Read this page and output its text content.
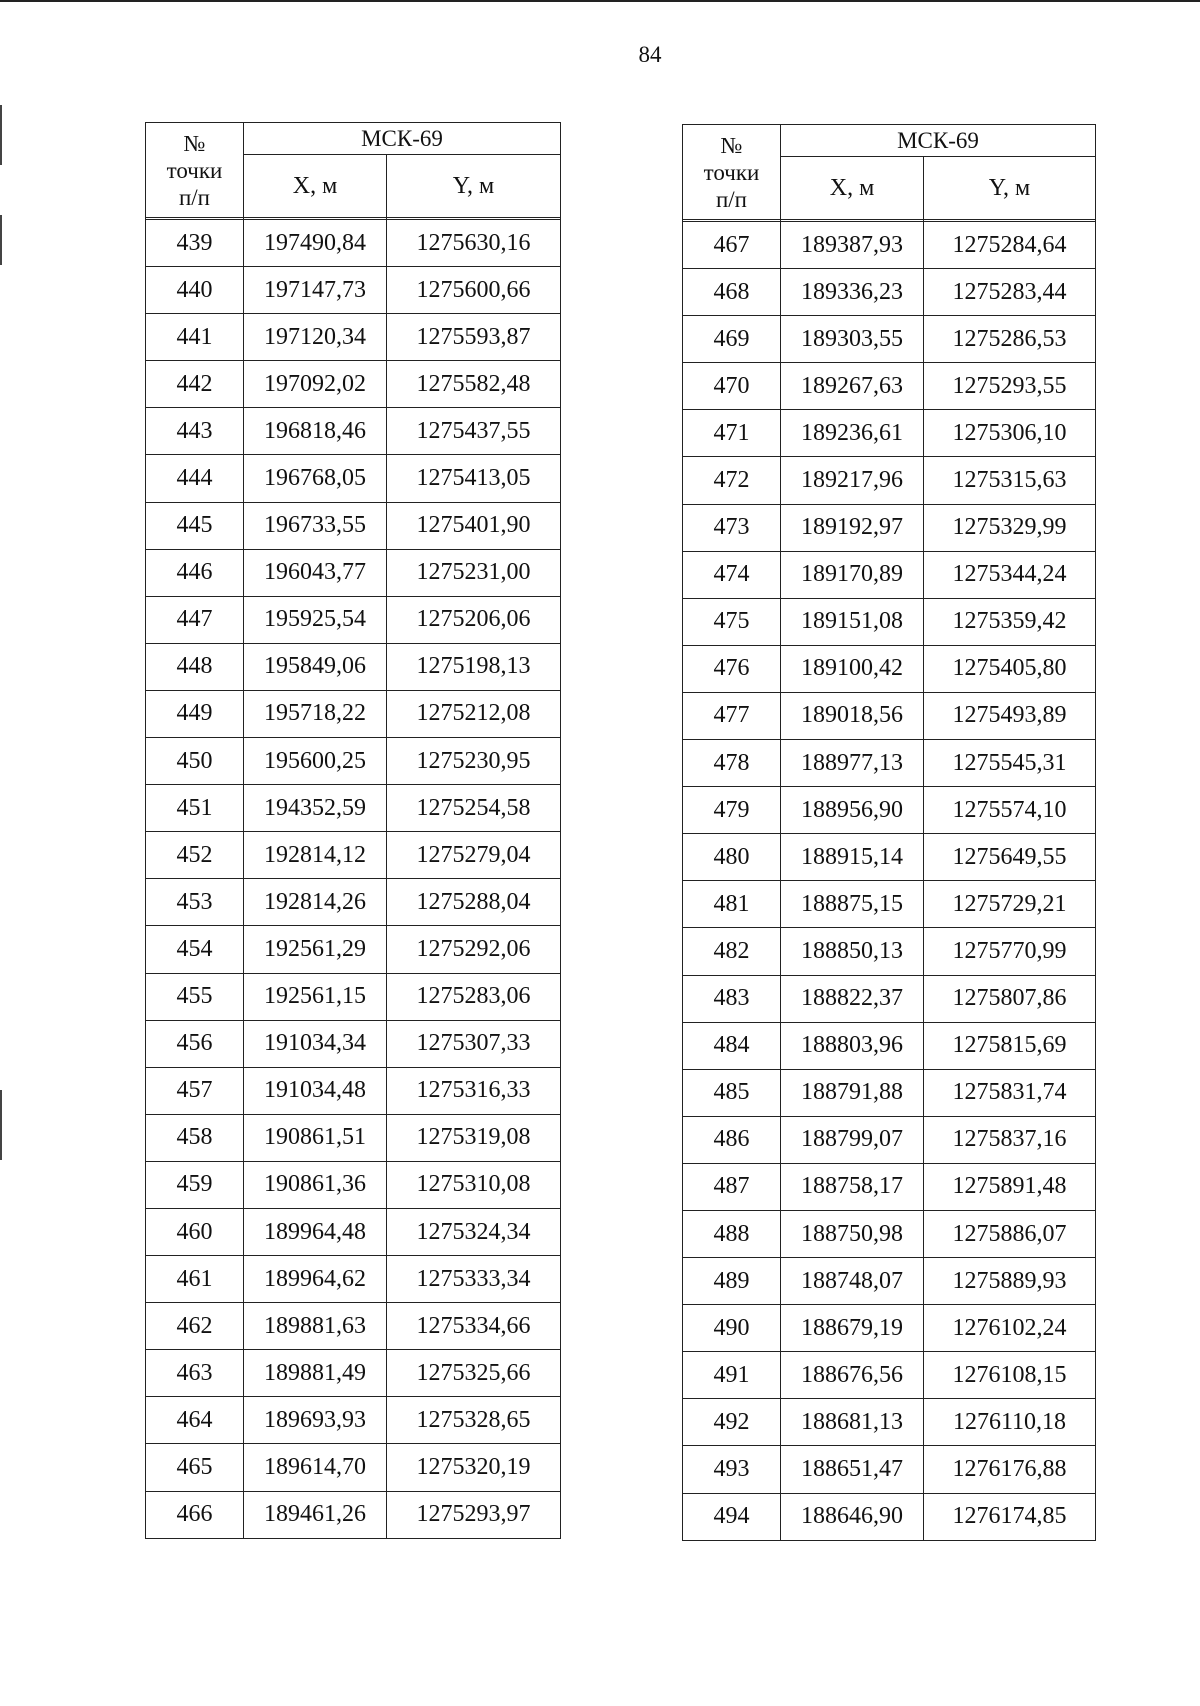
84
№
точки
п/п	МСК-69	
	X, м	Y, м

439	197490,84	1275630,16
440	197147,73	1275600,66
441	197120,34	1275593,87
442	197092,02	1275582,48
443	196818,46	1275437,55
444	196768,05	1275413,05
445	196733,55	1275401,90
446	196043,77	1275231,00
447	195925,54	1275206,06
448	195849,06	1275198,13
449	195718,22	1275212,08
450	195600,25	1275230,95
451	194352,59	1275254,58
452	192814,12	1275279,04
453	192814,26	1275288,04
454	192561,29	1275292,06
455	192561,15	1275283,06
456	191034,34	1275307,33
457	191034,48	1275316,33
458	190861,51	1275319,08
459	190861,36	1275310,08
460	189964,48	1275324,34
461	189964,62	1275333,34
462	189881,63	1275334,66
463	189881,49	1275325,66
464	189693,93	1275328,65
465	189614,70	1275320,19
466	189461,26	1275293,97
№
точки
п/п	МСК-69	
	X, м	Y, м

467	189387,93	1275284,64
468	189336,23	1275283,44
469	189303,55	1275286,53
470	189267,63	1275293,55
471	189236,61	1275306,10
472	189217,96	1275315,63
473	189192,97	1275329,99
474	189170,89	1275344,24
475	189151,08	1275359,42
476	189100,42	1275405,80
477	189018,56	1275493,89
478	188977,13	1275545,31
479	188956,90	1275574,10
480	188915,14	1275649,55
481	188875,15	1275729,21
482	188850,13	1275770,99
483	188822,37	1275807,86
484	188803,96	1275815,69
485	188791,88	1275831,74
486	188799,07	1275837,16
487	188758,17	1275891,48
488	188750,98	1275886,07
489	188748,07	1275889,93
490	188679,19	1276102,24
491	188676,56	1276108,15
492	188681,13	1276110,18
493	188651,47	1276176,88
494	188646,90	1276174,85
